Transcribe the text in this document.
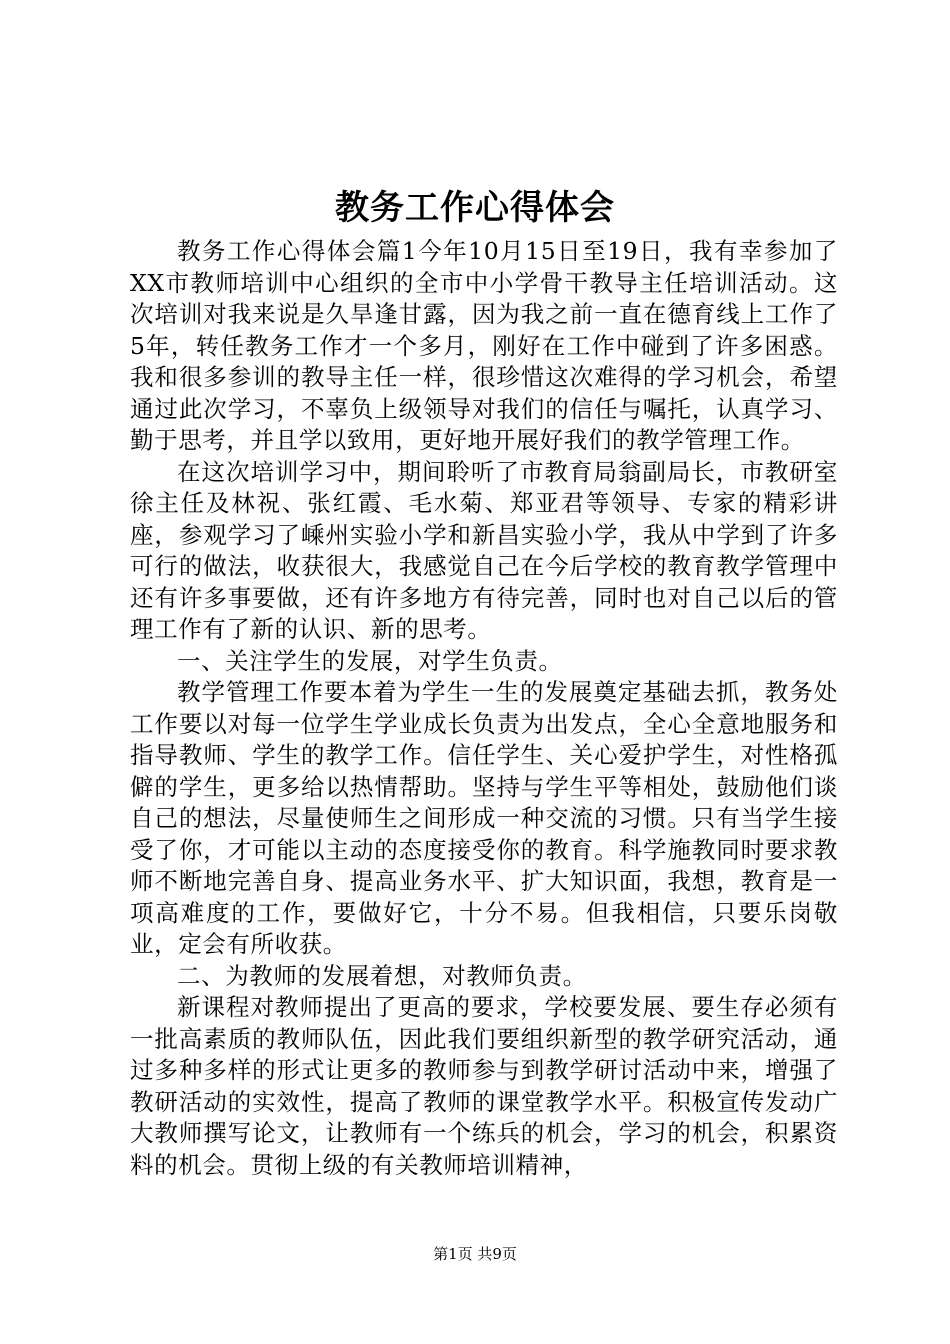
教务工作心得体会

教务工作心得体会篇1今年10月15日至19日，我有幸参加了XX市教师培训中心组织的全市中小学骨干教导主任培训活动。这次培训对我来说是久旱逢甘露，因为我之前一直在德育线上工作了5年，转任教务工作才一个多月，刚好在工作中碰到了许多困惑。我和很多参训的教导主任一样，很珍惜这次难得的学习机会，希望通过此次学习，不辜负上级领导对我们的信任与嘱托，认真学习、勤于思考，并且学以致用，更好地开展好我们的教学管理工作。

在这次培训学习中，期间聆听了市教育局翁副局长，市教研室徐主任及林祝、张红霞、毛水菊、郑亚君等领导、专家的精彩讲座，参观学习了嵊州实验小学和新昌实验小学，我从中学到了许多可行的做法，收获很大，我感觉自己在今后学校的教育教学管理中还有许多事要做，还有许多地方有待完善，同时也对自己以后的管理工作有了新的认识、新的思考。

一、关注学生的发展，对学生负责。

教学管理工作要本着为学生一生的发展奠定基础去抓，教务处工作要以对每一位学生学业成长负责为出发点，全心全意地服务和指导教师、学生的教学工作。信任学生、关心爱护学生，对性格孤僻的学生，更多给以热情帮助。坚持与学生平等相处，鼓励他们谈自己的想法，尽量使师生之间形成一种交流的习惯。只有当学生接受了你，才可能以主动的态度接受你的教育。科学施教同时要求教师不断地完善自身、提高业务水平、扩大知识面，我想，教育是一项高难度的工作，要做好它，十分不易。但我相信，只要乐岗敬业，定会有所收获。

二、为教师的发展着想，对教师负责。

新课程对教师提出了更高的要求，学校要发展、要生存必须有一批高素质的教师队伍，因此我们要组织新型的教学研究活动，通过多种多样的形式让更多的教师参与到教学研讨活动中来，增强了教研活动的实效性，提高了教师的课堂教学水平。积极宣传发动广大教师撰写论文，让教师有一个练兵的机会，学习的机会，积累资料的机会。贯彻上级的有关教师培训精神，

第1页 共9页
